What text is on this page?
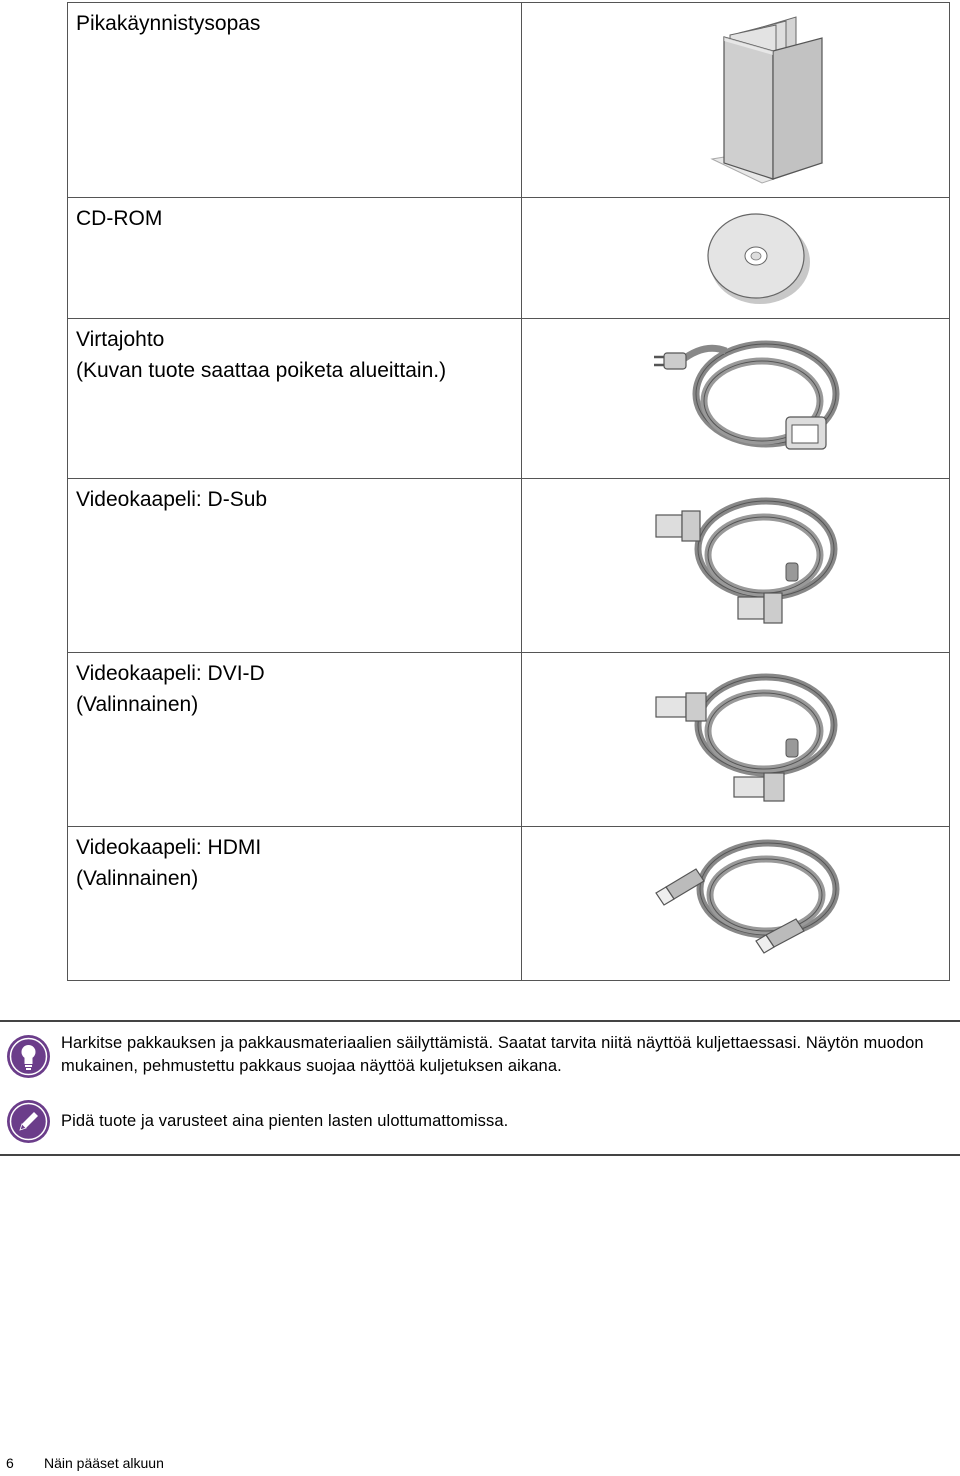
Pikakäynnistysopas

CD-ROM

Virtajohto
(Kuvan tuote saattaa poiketa alueittain.)

Videokaapeli: D-Sub

Videokaapeli: DVI-D
(Valinnainen)

Videokaapeli: HDMI
(Valinnainen)

Harkitse pakkauksen ja pakkausmateriaalien säilyttämistä. Saatat tarvita niitä näyttöä kuljettaessasi. Näytön muodon mukainen, pehmustettu pakkaus suojaa näyttöä kuljetuksen aikana.
Pidä tuote ja varusteet aina pienten lasten ulottumattomissa.
6 Näin pääset alkuun
